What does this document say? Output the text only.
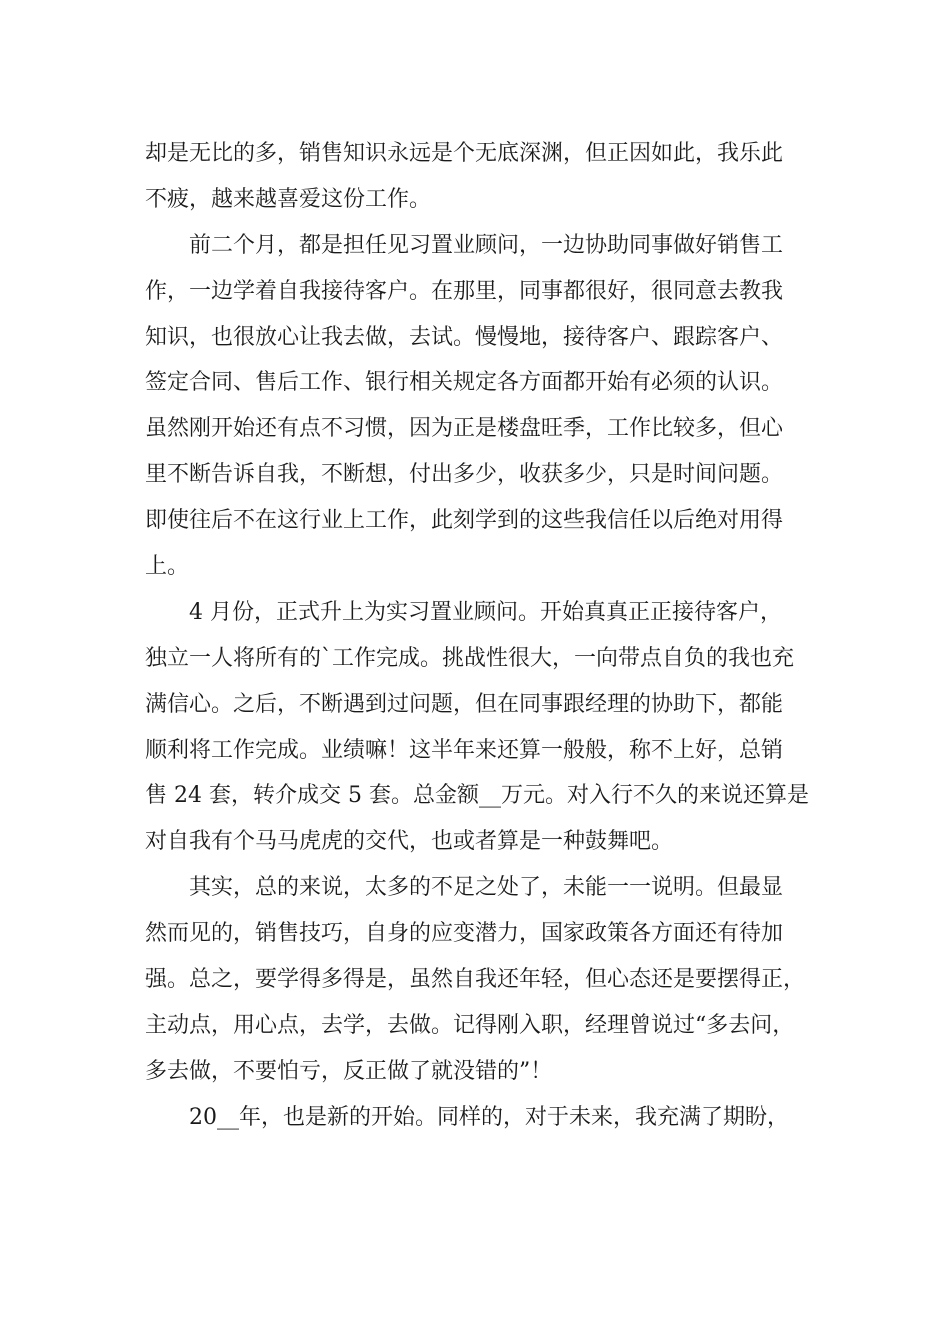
却是无比的多，销售知识永远是个无底深渊，但正因如此，我乐此
不疲，越来越喜爱这份工作。
前二个月，都是担任见习置业顾问，一边协助同事做好销售工
作，一边学着自我接待客户。在那里，同事都很好，很同意去教我
知识，也很放心让我去做，去试。慢慢地，接待客户、跟踪客户、
签定合同、售后工作、银行相关规定各方面都开始有必须的认识。
虽然刚开始还有点不习惯，因为正是楼盘旺季，工作比较多，但心
里不断告诉自我，不断想，付出多少，收获多少，只是时间问题。
即使往后不在这行业上工作，此刻学到的这些我信任以后绝对用得
上。
4 月份，正式升上为实习置业顾问。开始真真正正接待客户，
独立一人将所有的`工作完成。挑战性很大，一向带点自负的我也充
满信心。之后，不断遇到过问题，但在同事跟经理的协助下，都能
顺利将工作完成。业绩嘛！这半年来还算一般般，称不上好，总销
售 24 套，转介成交 5 套。总金额__万元。对入行不久的来说还算是
对自我有个马马虎虎的交代，也或者算是一种鼓舞吧。
其实，总的来说，太多的不足之处了，未能一一说明。但最显
然而见的，销售技巧，自身的应变潜力，国家政策各方面还有待加
强。总之，要学得多得是，虽然自我还年轻，但心态还是要摆得正，
主动点，用心点，去学，去做。记得刚入职，经理曾说过“多去问，
多去做，不要怕亏，反正做了就没错的”！
20__年，也是新的开始。同样的，对于未来，我充满了期盼，
